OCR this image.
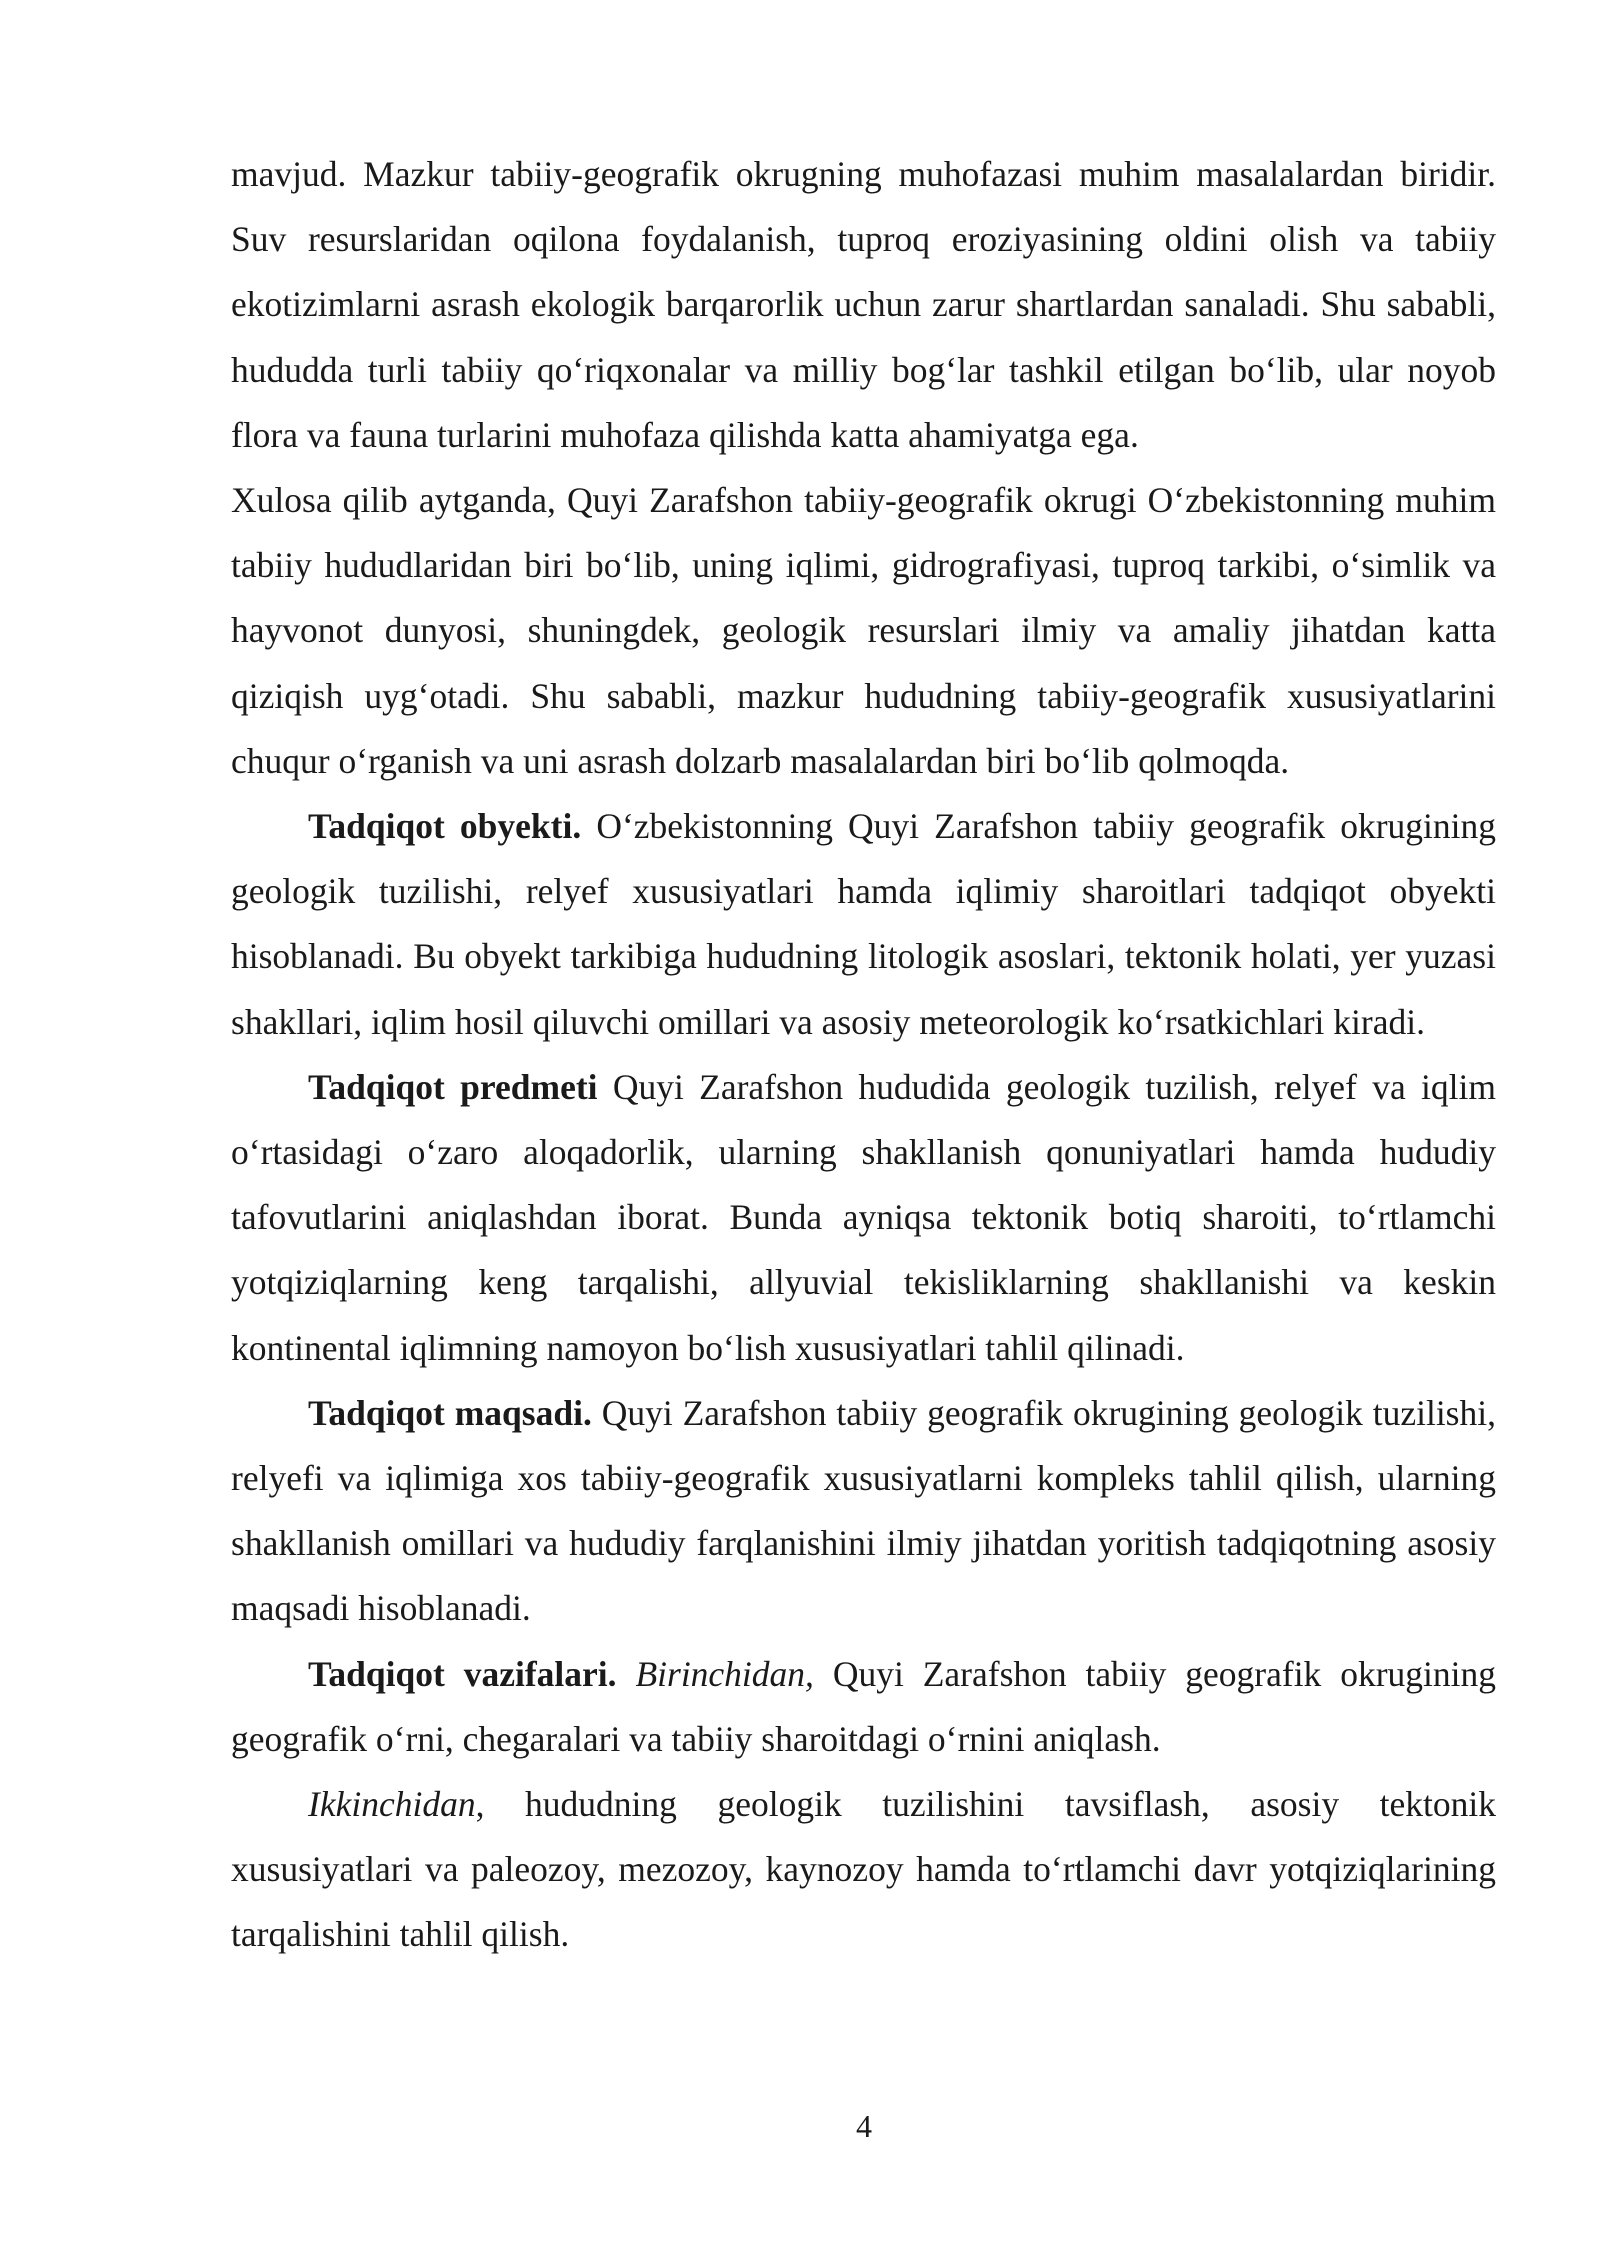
mavjud. Mazkur tabiiy-geografik okrugning muhofazasi muhim masalalardan biridir. Suv resurslaridan oqilona foydalanish, tuproq eroziyasining oldini olish va tabiiy ekotizimlarni asrash ekologik barqarorlik uchun zarur shartlardan sanaladi. Shu sababli, hududda turli tabiiy qo‘riqxonalar va milliy bog‘lar tashkil etilgan bo‘lib, ular noyob flora va fauna turlarini muhofaza qilishda katta ahamiyatga ega.

Xulosa qilib aytganda, Quyi Zarafshon tabiiy-geografik okrugi O‘zbekistonning muhim tabiiy hududlaridan biri bo‘lib, uning iqlimi, gidrografiyasi, tuproq tarkibi, o‘simlik va hayvonot dunyosi, shuningdek, geologik resurslari ilmiy va amaliy jihatdan katta qiziqish uyg‘otadi. Shu sababli, mazkur hududning tabiiy-geografik xususiyatlarini chuqur o‘rganish va uni asrash dolzarb masalalardan biri bo‘lib qolmoqda.

Tadqiqot obyekti. O‘zbekistonning Quyi Zarafshon tabiiy geografik okrugining geologik tuzilishi, relyef xususiyatlari hamda iqlimiy sharoitlari tadqiqot obyekti hisoblanadi. Bu obyekt tarkibiga hududning litologik asoslari, tektonik holati, yer yuzasi shakllari, iqlim hosil qiluvchi omillari va asosiy meteorologik ko‘rsatkichlari kiradi.

Tadqiqot predmeti Quyi Zarafshon hududida geologik tuzilish, relyef va iqlim o‘rtasidagi o‘zaro aloqadorlik, ularning shakllanish qonuniyatlari hamda hududiy tafovutlarini aniqlashdan iborat. Bunda ayniqsa tektonik botiq sharoiti, to‘rtlamchi yotqiziqlarning keng tarqalishi, allyuvial tekisliklarning shakllanishi va keskin kontinental iqlimning namoyon bo‘lish xususiyatlari tahlil qilinadi.

Tadqiqot maqsadi. Quyi Zarafshon tabiiy geografik okrugining geologik tuzilishi, relyefi va iqlimiga xos tabiiy-geografik xususiyatlarni kompleks tahlil qilish, ularning shakllanish omillari va hududiy farqlanishini ilmiy jihatdan yoritish tadqiqotning asosiy maqsadi hisoblanadi.

Tadqiqot vazifalari. Birinchidan, Quyi Zarafshon tabiiy geografik okrugining geografik o‘rni, chegaralari va tabiiy sharoitdagi o‘rnini aniqlash.

Ikkinchidan, hududning geologik tuzilishini tavsiflash, asosiy tektonik xususiyatlari va paleozoy, mezozoy, kaynozoy hamda to‘rtlamchi davr yotqiziqlarining tarqalishini tahlil qilish.

4
